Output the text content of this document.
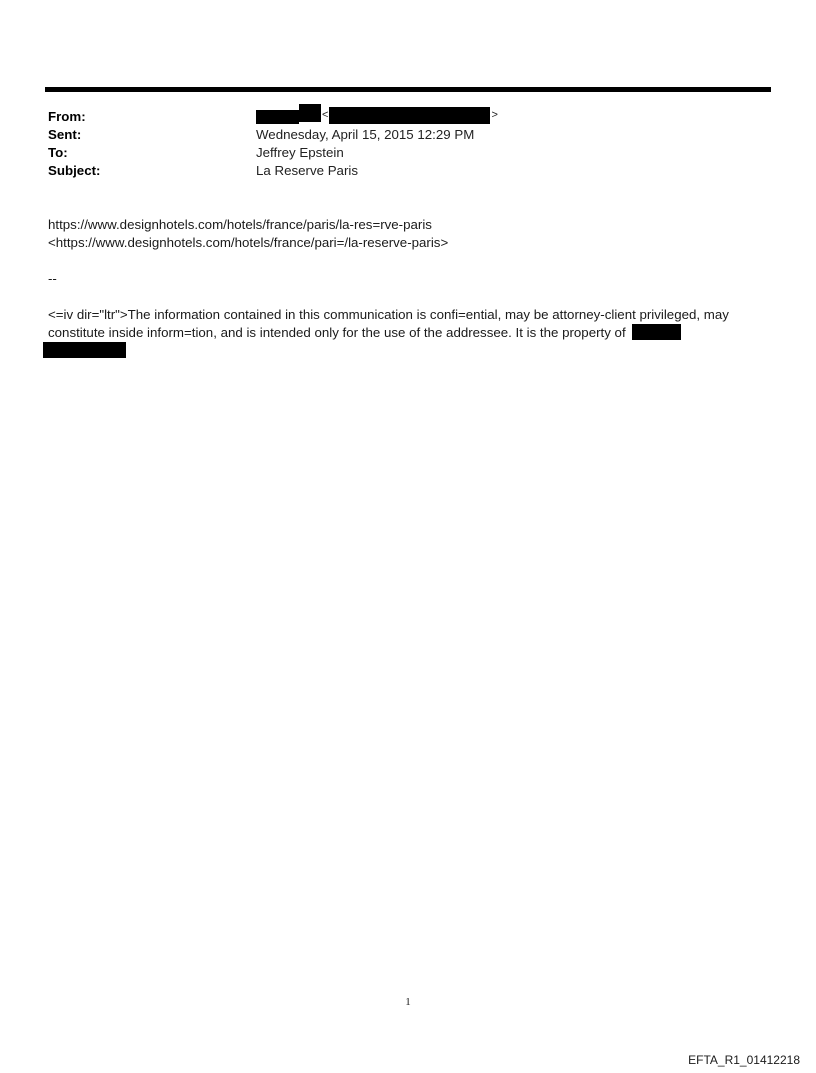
From:	<	>
Sent:	Wednesday, April 15, 2015 12:29 PM
To:	Jeffrey Epstein
Subject:	La Reserve Paris
https://www.designhotels.com/hotels/france/paris/la-res=rve-paris
<https://www.designhotels.com/hotels/france/pari=/la-reserve-paris>
--
<=iv dir="ltr">The information contained in this communication is confi=ential, may be attorney-client privileged, may
constitute inside inform=tion, and is intended only for the use of the addressee. It is the property of
1
EFTA_R1_01412218
